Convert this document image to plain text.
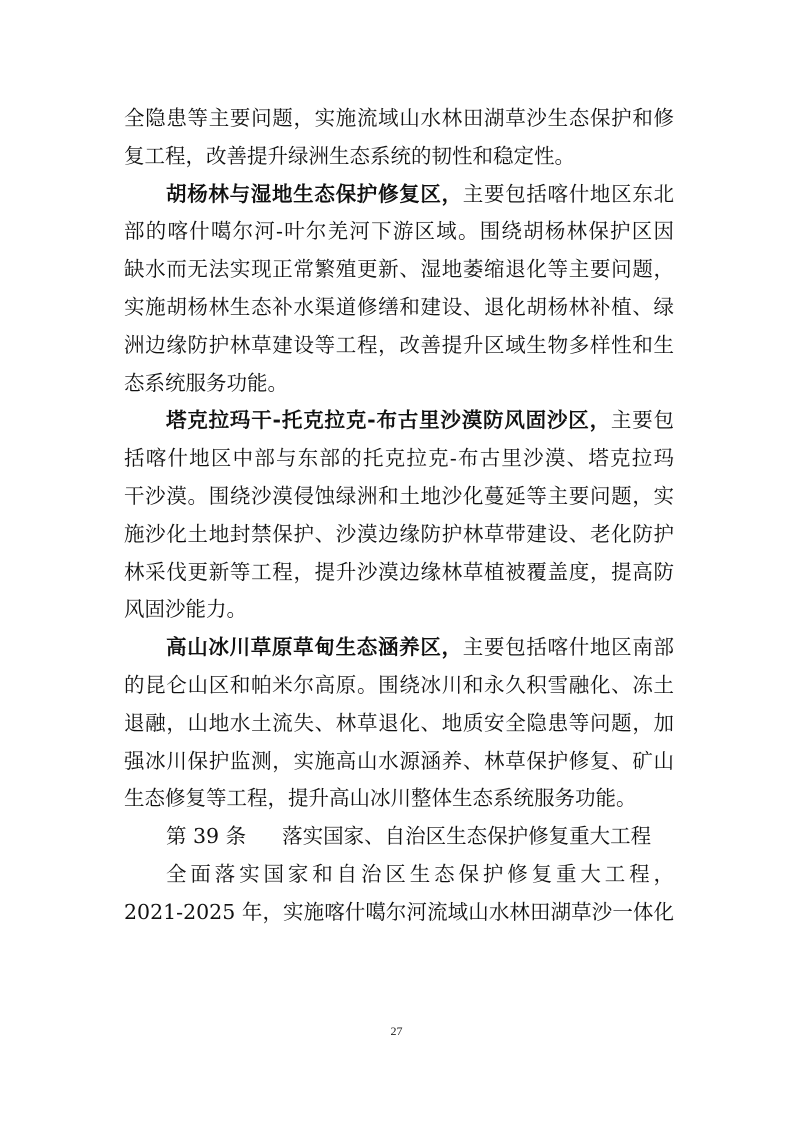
全隐患等主要问题，实施流域山水林田湖草沙生态保护和修
复工程，改善提升绿洲生态系统的韧性和稳定性。
胡杨林与湿地生态保护修复区，主要包括喀什地区东北
部的喀什噶尔河-叶尔羌河下游区域。围绕胡杨林保护区因
缺水而无法实现正常繁殖更新、湿地萎缩退化等主要问题，
实施胡杨林生态补水渠道修缮和建设、退化胡杨林补植、绿
洲边缘防护林草建设等工程，改善提升区域生物多样性和生
态系统服务功能。
塔克拉玛干-托克拉克-布古里沙漠防风固沙区，主要包
括喀什地区中部与东部的托克拉克-布古里沙漠、塔克拉玛
干沙漠。围绕沙漠侵蚀绿洲和土地沙化蔓延等主要问题，实
施沙化土地封禁保护、沙漠边缘防护林草带建设、老化防护
林采伐更新等工程，提升沙漠边缘林草植被覆盖度，提高防
风固沙能力。
高山冰川草原草甸生态涵养区，主要包括喀什地区南部
的昆仑山区和帕米尔高原。围绕冰川和永久积雪融化、冻土
退融，山地水土流失、林草退化、地质安全隐患等问题，加
强冰川保护监测，实施高山水源涵养、林草保护修复、矿山
生态修复等工程，提升高山冰川整体生态系统服务功能。
第 39 条 落实国家、自治区生态保护修复重大工程
全面落实国家和自治区生态保护修复重大工程，
2021-2025 年，实施喀什噶尔河流域山水林田湖草沙一体化
27
